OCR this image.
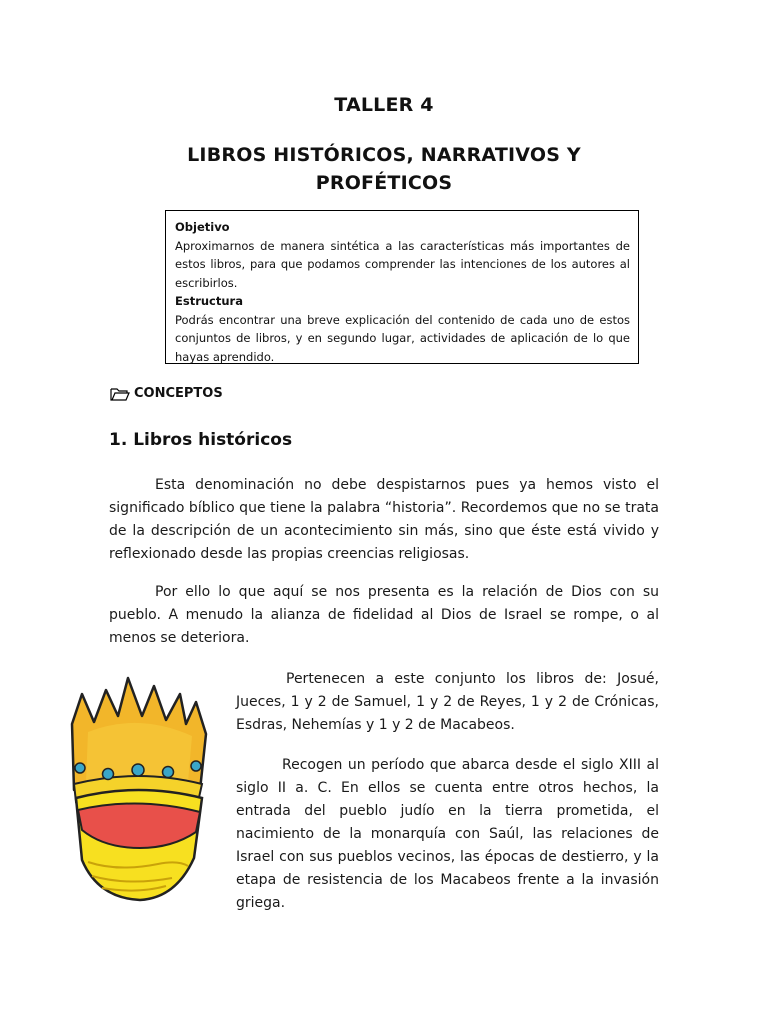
TALLER 4
LIBROS HISTÓRICOS, NARRATIVOS Y
PROFÉTICOS
Objetivo
Aproximarnos de manera sintética a las características más importantes de estos libros, para que podamos comprender las intenciones de los autores al escribirlos.
Estructura
Podrás encontrar una breve explicación del contenido de cada uno de estos conjuntos de libros, y en segundo lugar, actividades de aplicación de lo que hayas aprendido.
CONCEPTOS
1. Libros históricos

Esta denominación no debe despistarnos pues ya hemos visto el significado bíblico que tiene la palabra “historia”. Recordemos que no se trata de la descripción de un acontecimiento sin más, sino que éste está vivido y reflexionado desde las propias creencias religiosas.

Por ello lo que aquí se nos presenta es la relación de Dios con su pueblo. A menudo la alianza de fidelidad al Dios de Israel se rompe, o al menos se deteriora.

Pertenecen a este conjunto los libros de: Josué, Jueces, 1 y 2 de Samuel, 1 y 2 de Reyes, 1 y 2 de Crónicas, Esdras, Nehemías y 1 y 2 de Macabeos.

Recogen un período que abarca desde el siglo XIII al siglo II a. C. En ellos se cuenta entre otros hechos, la entrada del pueblo judío en la tierra prometida, el nacimiento de la monarquía con Saúl, las relaciones de Israel con sus pueblos vecinos, las épocas de destierro, y la etapa de resistencia de los Macabeos frente a la invasión griega.
